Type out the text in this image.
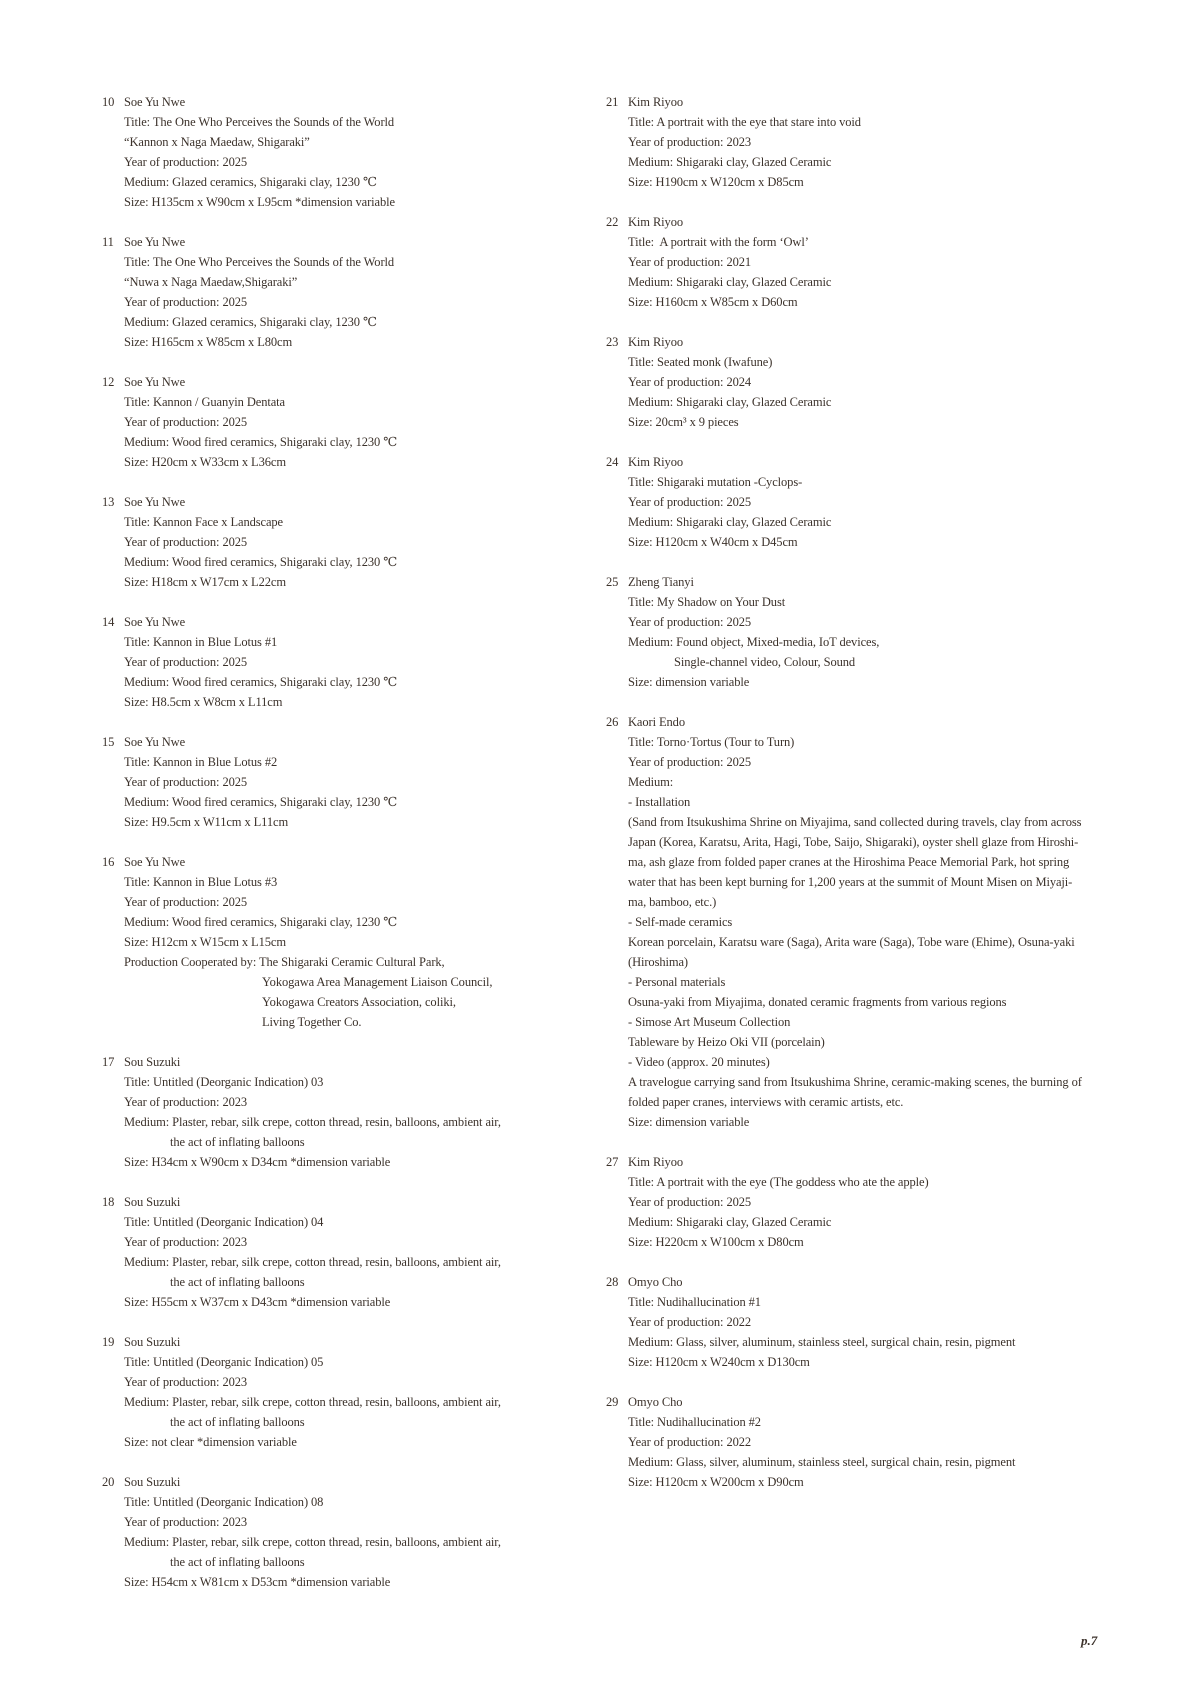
10 Soe Yu Nwe
Title: The One Who Perceives the Sounds of the World
“Kannon x Naga Maedaw, Shigaraki”
Year of production: 2025
Medium: Glazed ceramics, Shigaraki clay, 1230 ℃
Size: H135cm x W90cm x L95cm *dimension variable
11 Soe Yu Nwe
Title: The One Who Perceives the Sounds of the World
“Nuwa x Naga Maedaw,Shigaraki”
Year of production: 2025
Medium: Glazed ceramics, Shigaraki clay, 1230 ℃
Size: H165cm x W85cm x L80cm
12 Soe Yu Nwe
Title: Kannon / Guanyin Dentata
Year of production: 2025
Medium: Wood fired ceramics, Shigaraki clay, 1230 ℃
Size: H20cm x W33cm x L36cm
13 Soe Yu Nwe
Title: Kannon Face x Landscape
Year of production: 2025
Medium: Wood fired ceramics, Shigaraki clay, 1230 ℃
Size: H18cm x W17cm x L22cm
14 Soe Yu Nwe
Title: Kannon in Blue Lotus #1
Year of production: 2025
Medium: Wood fired ceramics, Shigaraki clay, 1230 ℃
Size: H8.5cm x W8cm x L11cm
15 Soe Yu Nwe
Title: Kannon in Blue Lotus #2
Year of production: 2025
Medium: Wood fired ceramics, Shigaraki clay, 1230 ℃
Size: H9.5cm x W11cm x L11cm
16 Soe Yu Nwe
Title: Kannon in Blue Lotus #3
Year of production: 2025
Medium: Wood fired ceramics, Shigaraki clay, 1230 ℃
Size: H12cm x W15cm x L15cm
Production Cooperated by: The Shigaraki Ceramic Cultural Park,
Yokogawa Area Management Liaison Council,
Yokogawa Creators Association, coliki,
Living Together Co.
17 Sou Suzuki
Title: Untitled (Deorganic Indication) 03
Year of production: 2023
Medium: Plaster, rebar, silk crepe, cotton thread, resin, balloons, ambient air,
the act of inflating balloons
Size: H34cm x W90cm x D34cm *dimension variable
18 Sou Suzuki
Title: Untitled (Deorganic Indication) 04
Year of production: 2023
Medium: Plaster, rebar, silk crepe, cotton thread, resin, balloons, ambient air,
the act of inflating balloons
Size: H55cm x W37cm x D43cm *dimension variable
19 Sou Suzuki
Title: Untitled (Deorganic Indication) 05
Year of production: 2023
Medium: Plaster, rebar, silk crepe, cotton thread, resin, balloons, ambient air,
the act of inflating balloons
Size: not clear *dimension variable
20 Sou Suzuki
Title: Untitled (Deorganic Indication) 08
Year of production: 2023
Medium: Plaster, rebar, silk crepe, cotton thread, resin, balloons, ambient air,
the act of inflating balloons
Size: H54cm x W81cm x D53cm *dimension variable
21 Kim Riyoo
Title: A portrait with the eye that stare into void
Year of production: 2023
Medium: Shigaraki clay, Glazed Ceramic
Size: H190cm x W120cm x D85cm
22 Kim Riyoo
Title:  A portrait with the form ‘Owl’
Year of production: 2021
Medium: Shigaraki clay, Glazed Ceramic
Size: H160cm x W85cm x D60cm
23 Kim Riyoo
Title: Seated monk (Iwafune)
Year of production: 2024
Medium: Shigaraki clay, Glazed Ceramic
Size: 20cm³ x 9 pieces
24 Kim Riyoo
Title: Shigaraki mutation -Cyclops-
Year of production: 2025
Medium: Shigaraki clay, Glazed Ceramic
Size: H120cm x W40cm x D45cm
25 Zheng Tianyi
Title: My Shadow on Your Dust
Year of production: 2025
Medium: Found object, Mixed-media, IoT devices,
Single-channel video, Colour, Sound
Size: dimension variable
26 Kaori Endo
Title: Torno·Tortus (Tour to Turn)
Year of production: 2025
Medium:
- Installation
(Sand from Itsukushima Shrine on Miyajima, sand collected during travels, clay from across
Japan (Korea, Karatsu, Arita, Hagi, Tobe, Saijo, Shigaraki), oyster shell glaze from Hiroshi-
ma, ash glaze from folded paper cranes at the Hiroshima Peace Memorial Park, hot spring
water that has been kept burning for 1,200 years at the summit of Mount Misen on Miyaji-
ma, bamboo, etc.)
- Self-made ceramics
Korean porcelain, Karatsu ware (Saga), Arita ware (Saga), Tobe ware (Ehime), Osuna-yaki
(Hiroshima)
- Personal materials
Osuna-yaki from Miyajima, donated ceramic fragments from various regions
- Simose Art Museum Collection
Tableware by Heizo Oki VII (porcelain)
- Video (approx. 20 minutes)
A travelogue carrying sand from Itsukushima Shrine, ceramic-making scenes, the burning of
folded paper cranes, interviews with ceramic artists, etc.
Size: dimension variable
27 Kim Riyoo
Title: A portrait with the eye (The goddess who ate the apple)
Year of production: 2025
Medium: Shigaraki clay, Glazed Ceramic
Size: H220cm x W100cm x D80cm
28 Omyo Cho
Title: Nudihallucination #1
Year of production: 2022
Medium: Glass, silver, aluminum, stainless steel, surgical chain, resin, pigment
Size: H120cm x W240cm x D130cm
29 Omyo Cho
Title: Nudihallucination #2
Year of production: 2022
Medium: Glass, silver, aluminum, stainless steel, surgical chain, resin, pigment
Size: H120cm x W200cm x D90cm
p.7
